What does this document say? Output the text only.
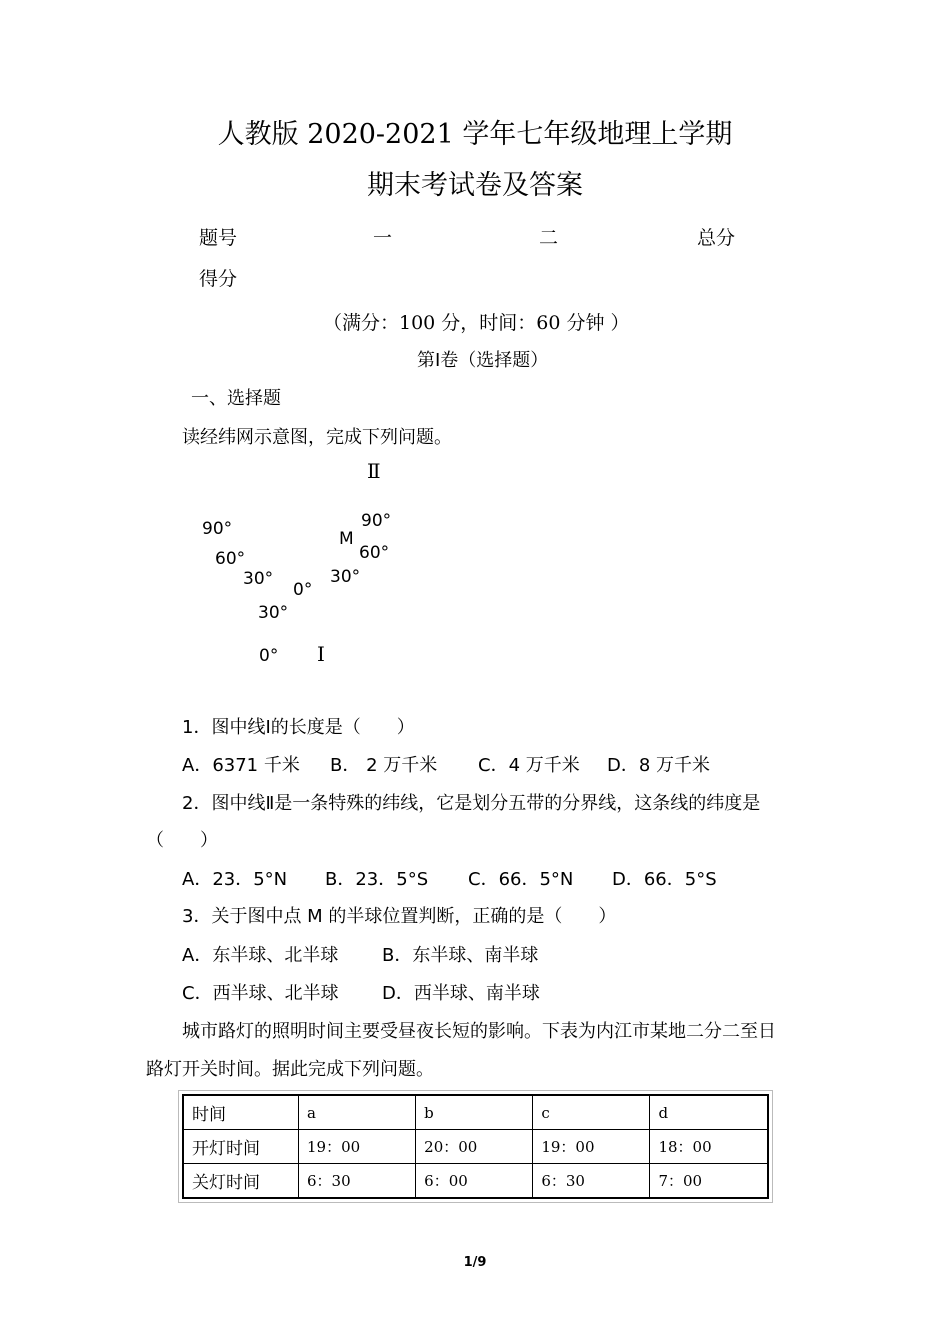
人教版 2020-2021 学年七年级地理上学期
期末考试卷及答案
题号	一	二	总分
得分
（满分：100 分，时间：60 分钟 ）
第Ⅰ卷（选择题）
一、选择题
读经纬网示意图，完成下列问题。
Ⅱ
90°
60°
30°
0°
30°
0°
M
90°
60°
30°
Ⅰ
1．图中线Ⅰ的长度是（　　）
A．6371 千米 B． 2 万千米 C．4 万千米 D．8 万千米
2．图中线Ⅱ是一条特殊的纬线，它是划分五带的分界线，这条线的纬度是
（　　）
A．23．5°N B．23．5°S C．66．5°N D．66．5°S
3．关于图中点 M 的半球位置判断，正确的是（　　）
A．东半球、北半球 B．东半球、南半球
C．西半球、北半球 D．西半球、南半球
城市路灯的照明时间主要受昼夜长短的影响。下表为内江市某地二分二至日
路灯开关时间。据此完成下列问题。
时间	a	b	c	d
开灯时间	19：00	20：00	19：00	18：00
关灯时间	6：30	6：00	6：30	7：00
1/9
